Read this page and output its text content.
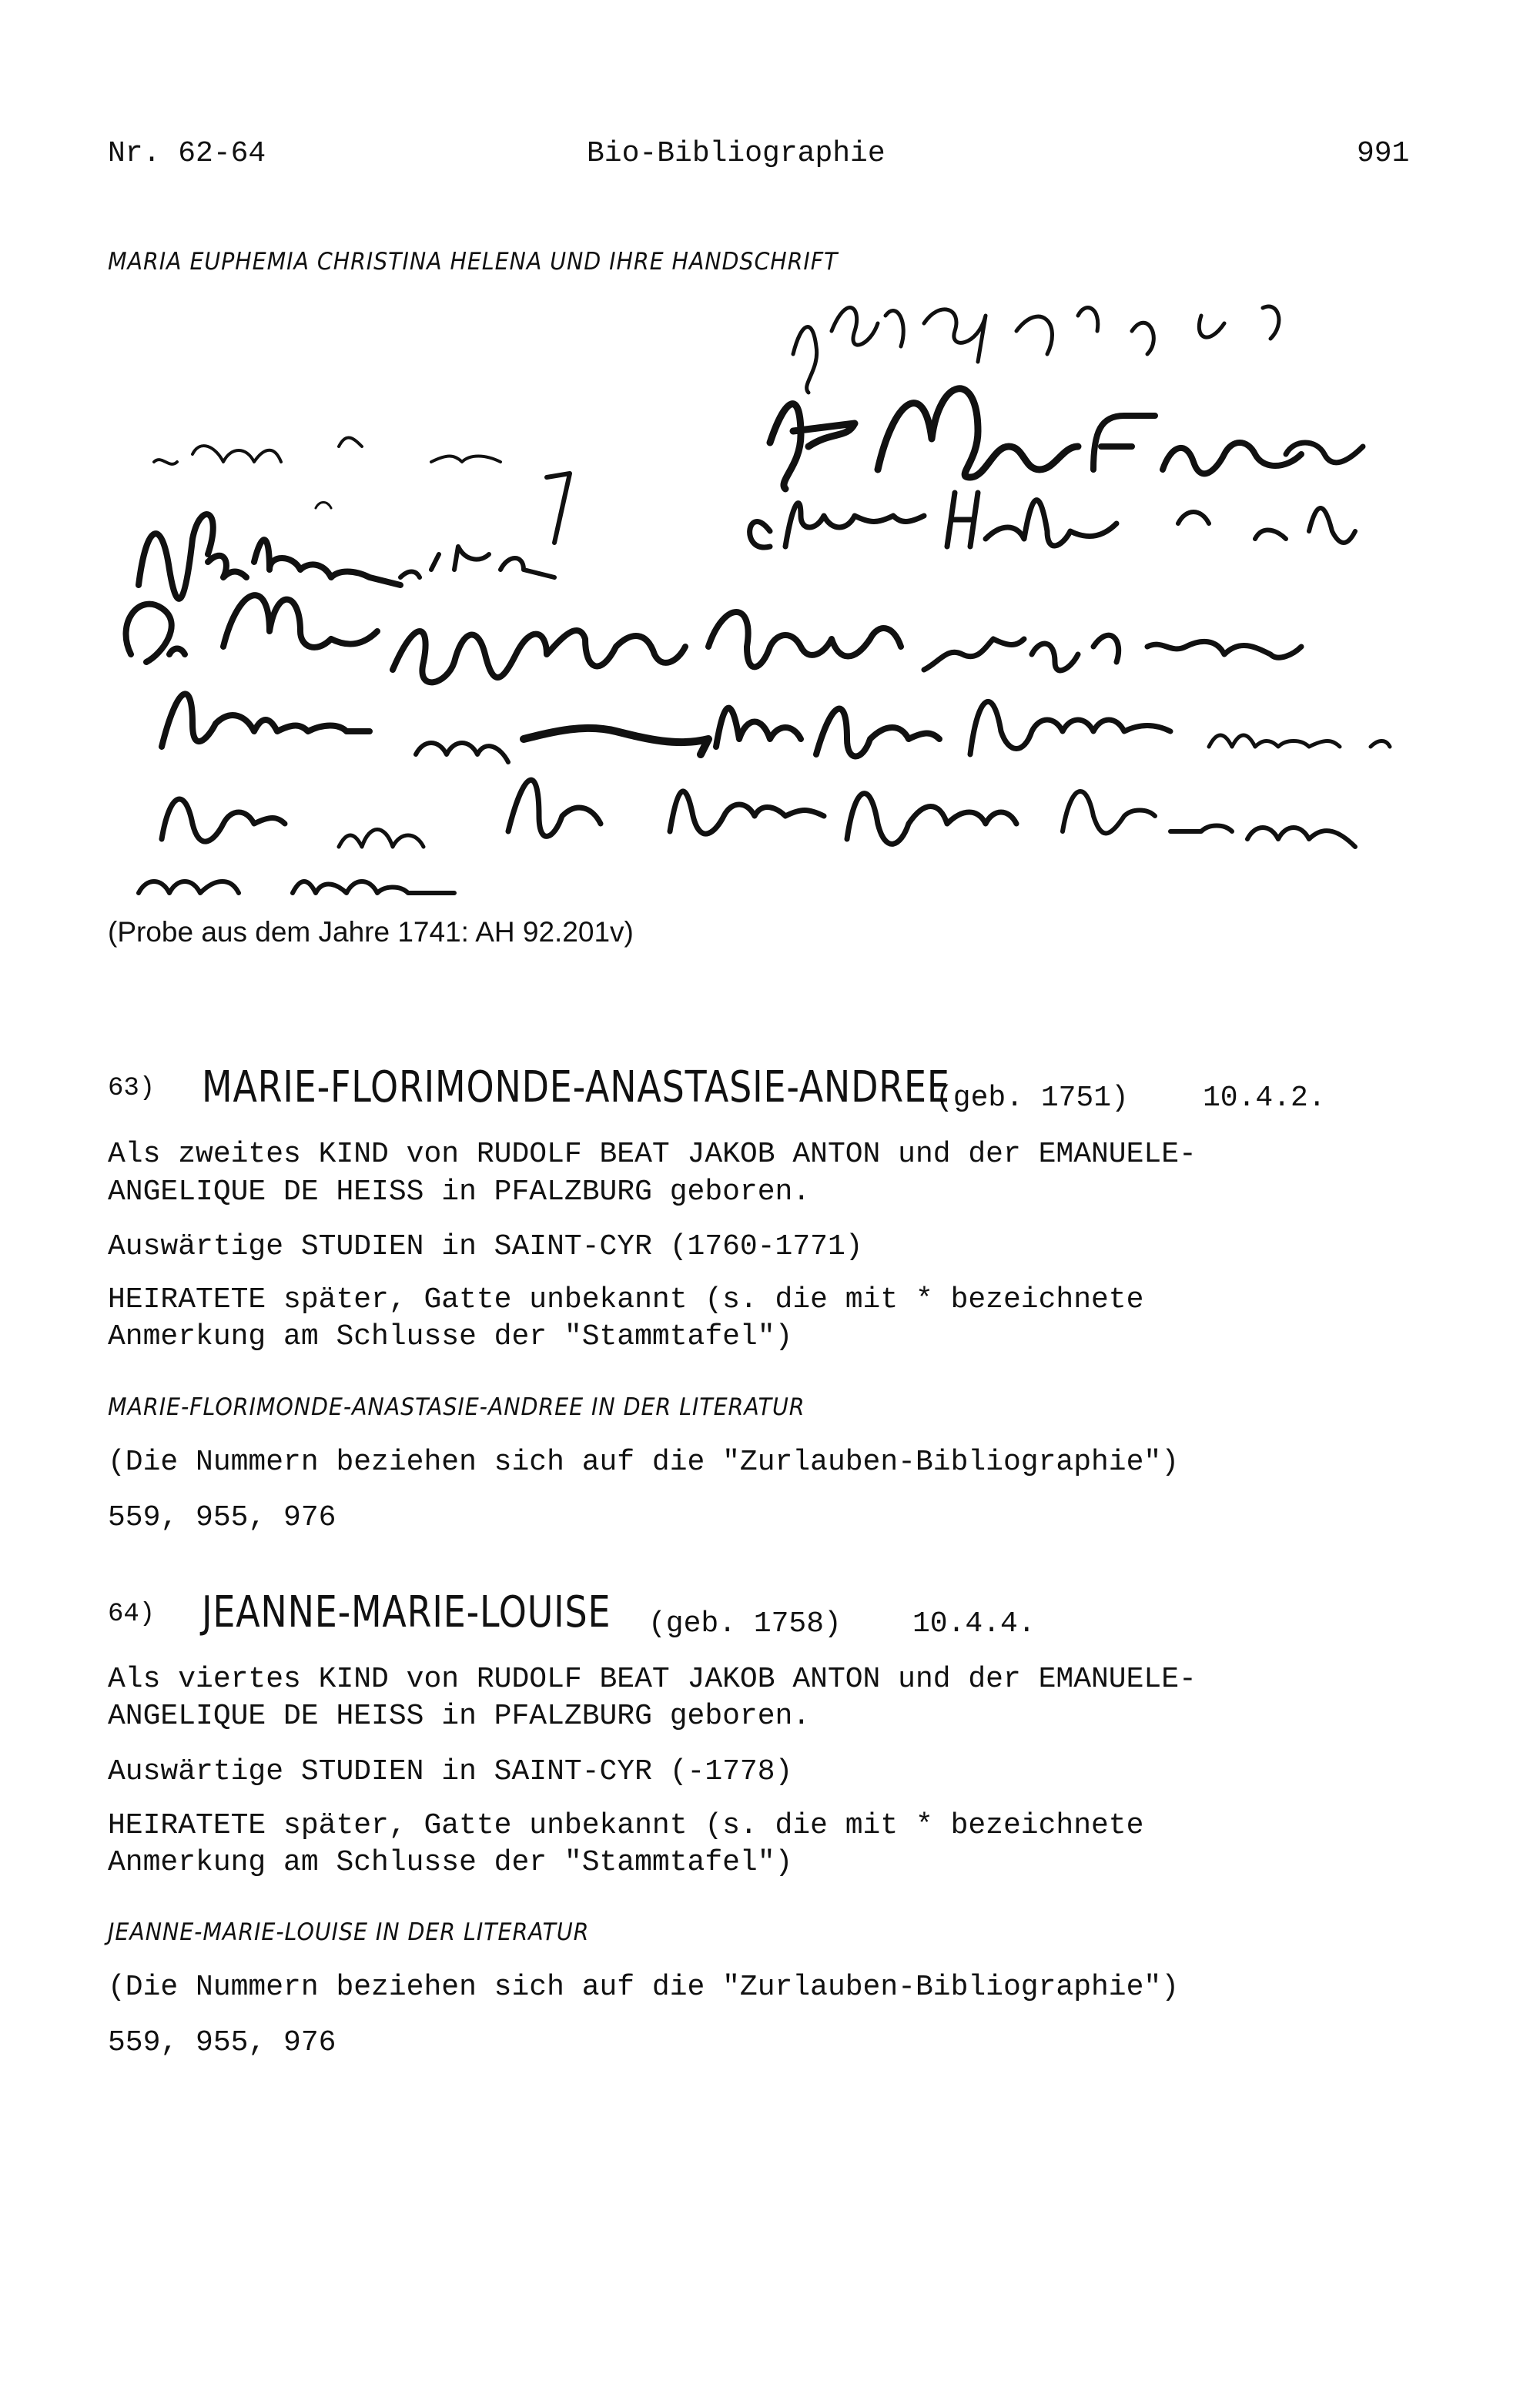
Nr. 62-64	Bio-Bibliographie	991
MARIA EUPHEMIA CHRISTINA HELENA UND IHRE HANDSCHRIFT
(Probe aus dem Jahre 1741: AH 92.201v)
63) MARIE-FLORIMONDE-ANASTASIE-ANDREE
(geb. 1751)	10.4.2.
Als zweites KIND von RUDOLF BEAT JAKOB ANTON und der EMANUELE-
ANGELIQUE DE HEISS in PFALZBURG geboren.
Auswärtige STUDIEN in SAINT-CYR (1760-1771)
HEIRATETE später, Gatte unbekannt (s. die mit * bezeichnete
Anmerkung am Schlusse der "Stammtafel")
MARIE-FLORIMONDE-ANASTASIE-ANDREE IN DER LITERATUR
(Die Nummern beziehen sich auf die "Zurlauben-Bibliographie")
559, 955, 976
64) JEANNE-MARIE-LOUISE (geb. 1758) 10.4.4.
Als viertes KIND von RUDOLF BEAT JAKOB ANTON und der EMANUELE-
ANGELIQUE DE HEISS in PFALZBURG geboren.
Auswärtige STUDIEN in SAINT-CYR (-1778)
HEIRATETE später, Gatte unbekannt (s. die mit * bezeichnete
Anmerkung am Schlusse der "Stammtafel")
JEANNE-MARIE-LOUISE IN DER LITERATUR
(Die Nummern beziehen sich auf die "Zurlauben-Bibliographie")
559, 955, 976
